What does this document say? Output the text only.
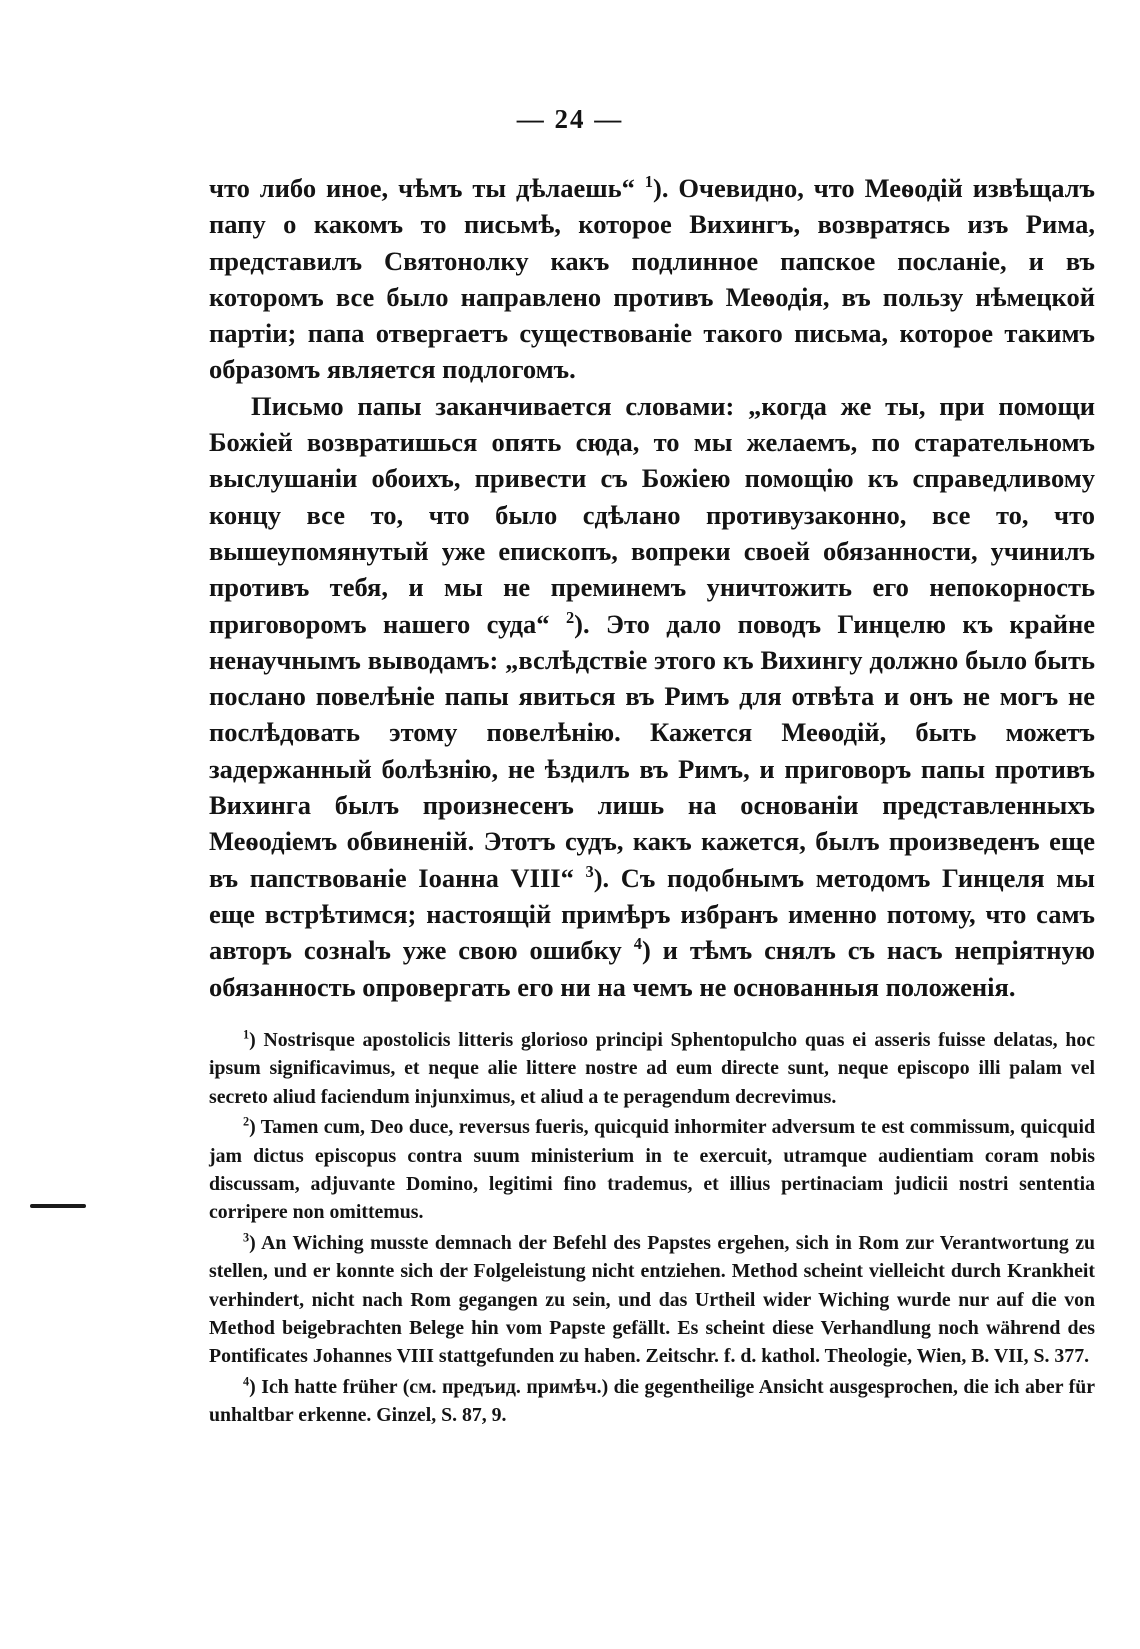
— 24 —

что либо иное, чѣмъ ты дѣлаешь“ $^1$). Очевидно, что Меѳодій извѣщалъ папу о какомъ то письмѣ, которое Вихингъ, возвратясь изъ Рима, представилъ Святонолку какъ подлинное папское посланіе, и въ которомъ все было направлено противъ Меѳодія, въ пользу нѣмецкой партіи; папа отвергаетъ существованіе такого письма, которое такимъ образомъ является подлогомъ.

Письмо папы заканчивается словами: „когда же ты, при помощи Божіей возвратишься опять сюда, то мы желаемъ, по старательномъ выслушаніи обоихъ, привести съ Божіею помощію къ справедливому концу все то, что было сдѣлано противузаконно, все то, что вышеупомянутый уже епископъ, вопреки своей обязанности, учинилъ противъ тебя, и мы не преминемъ уничтожить его непокорность приговоромъ нашего суда“ $^2$). Это дало поводъ Гинцелю къ крайне ненаучнымъ выводамъ: „вслѣдствіе этого къ Вихингу должно было быть послано повелѣніе папы явиться въ Римъ для отвѣта и онъ не могъ не послѣдовать этому повелѣнію. Кажется Меѳодій, быть можетъ задержанный болѣзнію, не ѣздилъ въ Римъ, и приговоръ папы противъ Вихинга былъ произнесенъ лишь на основаніи представленныхъ Меѳодіемъ обвиненій. Этотъ судъ, какъ кажется, былъ произведенъ еще въ папствованіе Іоанна VIII“ $^3$). Съ подобнымъ методомъ Гинцеля мы еще встрѣтимся; настоящій примѣръ избранъ именно потому, что самъ авторъ сознalъ уже свою ошибку $^4$) и тѣмъ снялъ съ насъ непріятную обязанность опровергать его ни на чемъ не основанныя положенія.

$^1$) Nostrisque apostolicis litteris glorioso principi Sphentopulcho quas ei asseris fuisse delatas, hoc ipsum significavimus, et neque alie littere nostre ad eum directe sunt, neque episcopo illi palam vel secreto aliud faciendum injunximus, et aliud a te peragendum decrevimus.

$^2$) Tamen cum, Deo duce, reversus fueris, quicquid inhormiter adversum te est commissum, quicquid jam dictus episcopus contra suum ministerium in te exercuit, utramque audientiam coram nobis discussam, adjuvante Domino, legitimi fino trademus, et illius pertinaciam judicii nostri sententia corripere non omittemus.

$^3$) An Wiching musste demnach der Befehl des Papstes ergehen, sich in Rom zur Verantwortung zu stellen, und er konnte sich der Folgeleistung nicht entziehen. Method scheint vielleicht durch Krankheit verhindert, nicht nach Rom gegangen zu sein, und das Urtheil wider Wiching wurde nur auf die von Method beigebrachten Belege hin vom Papste gefällt. Es scheint diese Verhandlung noch während des Pontificates Johannes VIII stattgefunden zu haben. Zeitschr. f. d. kathol. Theologie, Wien, B. VII, S. 377.

$^4$) Ich hatte früher (см. предъид. примѣч.) die gegentheilige Ansicht ausgesprochen, die ich aber für unhaltbar erkenne. Ginzel, S. 87, 9.
